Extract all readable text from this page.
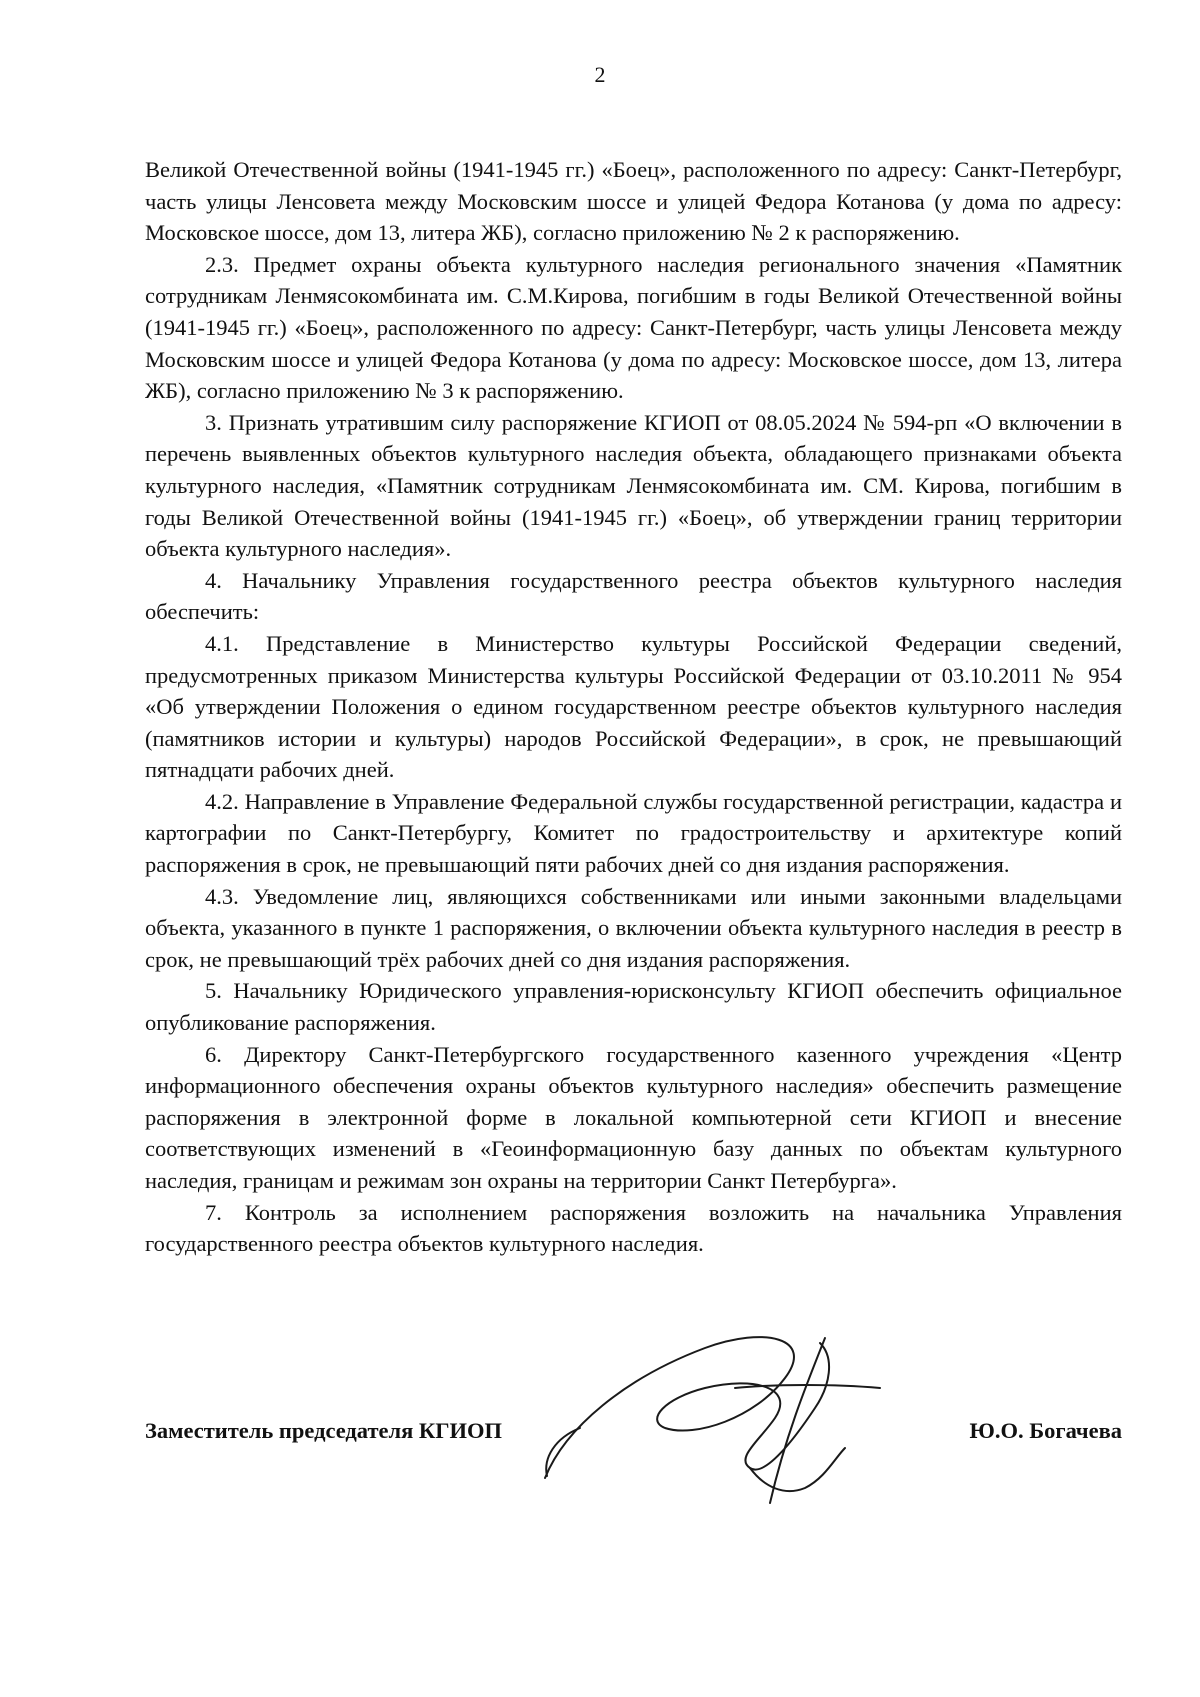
2

Великой Отечественной войны (1941-1945 гг.) «Боец», расположенного по адресу: Санкт-Петербург, часть улицы Ленсовета между Московским шоссе и улицей Федора Котанова (у дома по адресу: Московское шоссе, дом 13, литера ЖБ), согласно приложению № 2 к распоряжению.

2.3. Предмет охраны объекта культурного наследия регионального значения «Памятник сотрудникам Ленмясокомбината им. С.М.Кирова, погибшим в годы Великой Отечественной войны (1941-1945 гг.) «Боец», расположенного по адресу: Санкт-Петербург, часть улицы Ленсовета между Московским шоссе и улицей Федора Котанова (у дома по адресу: Московское шоссе, дом 13, литера ЖБ), согласно приложению № 3 к распоряжению.

3. Признать утратившим силу распоряжение КГИОП от 08.05.2024 № 594-рп «О включении в перечень выявленных объектов культурного наследия объекта, обладающего признаками объекта культурного наследия, «Памятник сотрудникам Ленмясокомбината им. СМ. Кирова, погибшим в годы Великой Отечественной войны (1941-1945 гг.) «Боец», об утверждении границ территории объекта культурного наследия».

4. Начальнику Управления государственного реестра объектов культурного наследия обеспечить:

4.1. Представление в Министерство культуры Российской Федерации сведений, предусмотренных приказом Министерства культуры Российской Федерации от 03.10.2011 № 954 «Об утверждении Положения о едином государственном реестре объектов культурного наследия (памятников истории и культуры) народов Российской Федерации», в срок, не превышающий пятнадцати рабочих дней.

4.2. Направление в Управление Федеральной службы государственной регистрации, кадастра и картографии по Санкт-Петербургу, Комитет по градостроительству и архитектуре копий распоряжения в срок, не превышающий пяти рабочих дней со дня издания распоряжения.

4.3. Уведомление лиц, являющихся собственниками или иными законными владельцами объекта, указанного в пункте 1 распоряжения, о включении объекта культурного наследия в реестр в срок, не превышающий трёх рабочих дней со дня издания распоряжения.

5. Начальнику Юридического управления-юрисконсульту КГИОП обеспечить официальное опубликование распоряжения.

6. Директору Санкт-Петербургского государственного казенного учреждения «Центр информационного обеспечения охраны объектов культурного наследия» обеспечить размещение распоряжения в электронной форме в локальной компьютерной сети КГИОП и внесение соответствующих изменений в «Геоинформационную базу данных по объектам культурного наследия, границам и режимам зон охраны на территории Санкт Петербурга».

7. Контроль за исполнением распоряжения возложить на начальника Управления государственного реестра объектов культурного наследия.

Заместитель председателя КГИОП	Ю.О. Богачева
